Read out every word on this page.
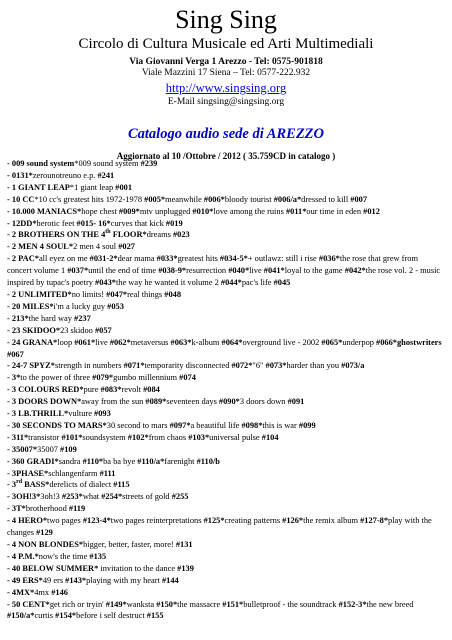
Sing Sing
Circolo di Cultura Musicale ed Arti Multimediali
Via Giovanni Verga 1 Arezzo - Tel: 0575-901818
Viale Mazzini 17 Siena – Tel: 0577-222.932
http://www.singsing.org
E-Mail singsing@singsing.org
Catalogo audio sede di AREZZO
Aggiornato al 10 /Ottobre / 2012 ( 35.759CD in catalogo )
- 009 sound system*009 sound system #239
- 0131*zerounotreuno e.p. #241
- 1 GIANT LEAP*1 giant leap #001
- 10 CC*10 cc's greatest hits 1972-1978 #005*meanwhile #006*bloody tourist #006/a*dressed to kill #007
- 10.000 MANIACS*hope chest #009*mtv unplugged #010*love among the ruins #011*our time in eden #012
- 12DD*herotic feet #015- 16*curves that kick #019
- 2 BROTHERS ON THE 4th FLOOR*dreams #023
- 2 MEN 4 SOUL*2 men 4 soul #027
- 2 PAC*all eyez on me #031-2*dear mama #033*greatest hits #034-5*+ outlawz: still i rise #036*the rose that grew from concert volume 1 #037*until the end of time #038-9*resurrection #040*live #041*loyal to the game #042*the rose vol. 2 - music inspired by tupac's poetry #043*the way he wanted it volume 2 #044*pac's life #045
- 2 UNLIMITED*no limits! #047*real things #048
- 20 MILES*i'm a lucky guy #053
- 213*the hard way #237
- 23 SKIDOO*23 skidoo #057
- 24 GRANA*loop #061*live #062*metaversus #063*k-album #064*overground live - 2002 #065*underpop #066*ghostwriters #067
- 24-7 SPYZ*strength in numbers #071*temporarity disconnected #072*"6" #073*harder than you #073/a
- 3*to the power of three #079*gumbo millennium #074
- 3 COLOURS RED*pure #083*revolt #084
- 3 DOORS DOWN*away from the sun #089*seventeen days #090*3 doors down #091
- 3 LB.THRILL*vulture #093
- 30 SECONDS TO MARS*30 second to mars #097*a beautiful life #098*this is war #099
- 311*transistor #101*soundsystem #102*from chaos #103*universal pulse #104
- 35007*35007 #109
- 360 GRADI*sandra #110*ba ba bye #110/a*farenight #110/b
- 3PHASE*schlangenfarm #111
- 3rd BASS*derelicts of dialect #115
- 3OH!3*3oh!3 #253*what #254*streets of gold #255
- 3T*brotherhood #119
- 4 HERO*two pages #123-4*two pages reinterpretations #125*creating patterns #126*the remix album #127-8*play with the changes #129
- 4 NON BLONDES*bigger, better, faster, more! #131
- 4 P.M.*now's the time #135
- 40 BELOW SUMMER* invitation to the dance #139
- 49 ERS*49 ers #143*playing with my heart #144
- 4MX*4mx #146
- 50 CENT*get rich or tryin' #149*wanksta #150*the massacre #151*bulletproof - the soundtrack #152-3*the new breed #150/a*curtis #154*before i self destruct #155
